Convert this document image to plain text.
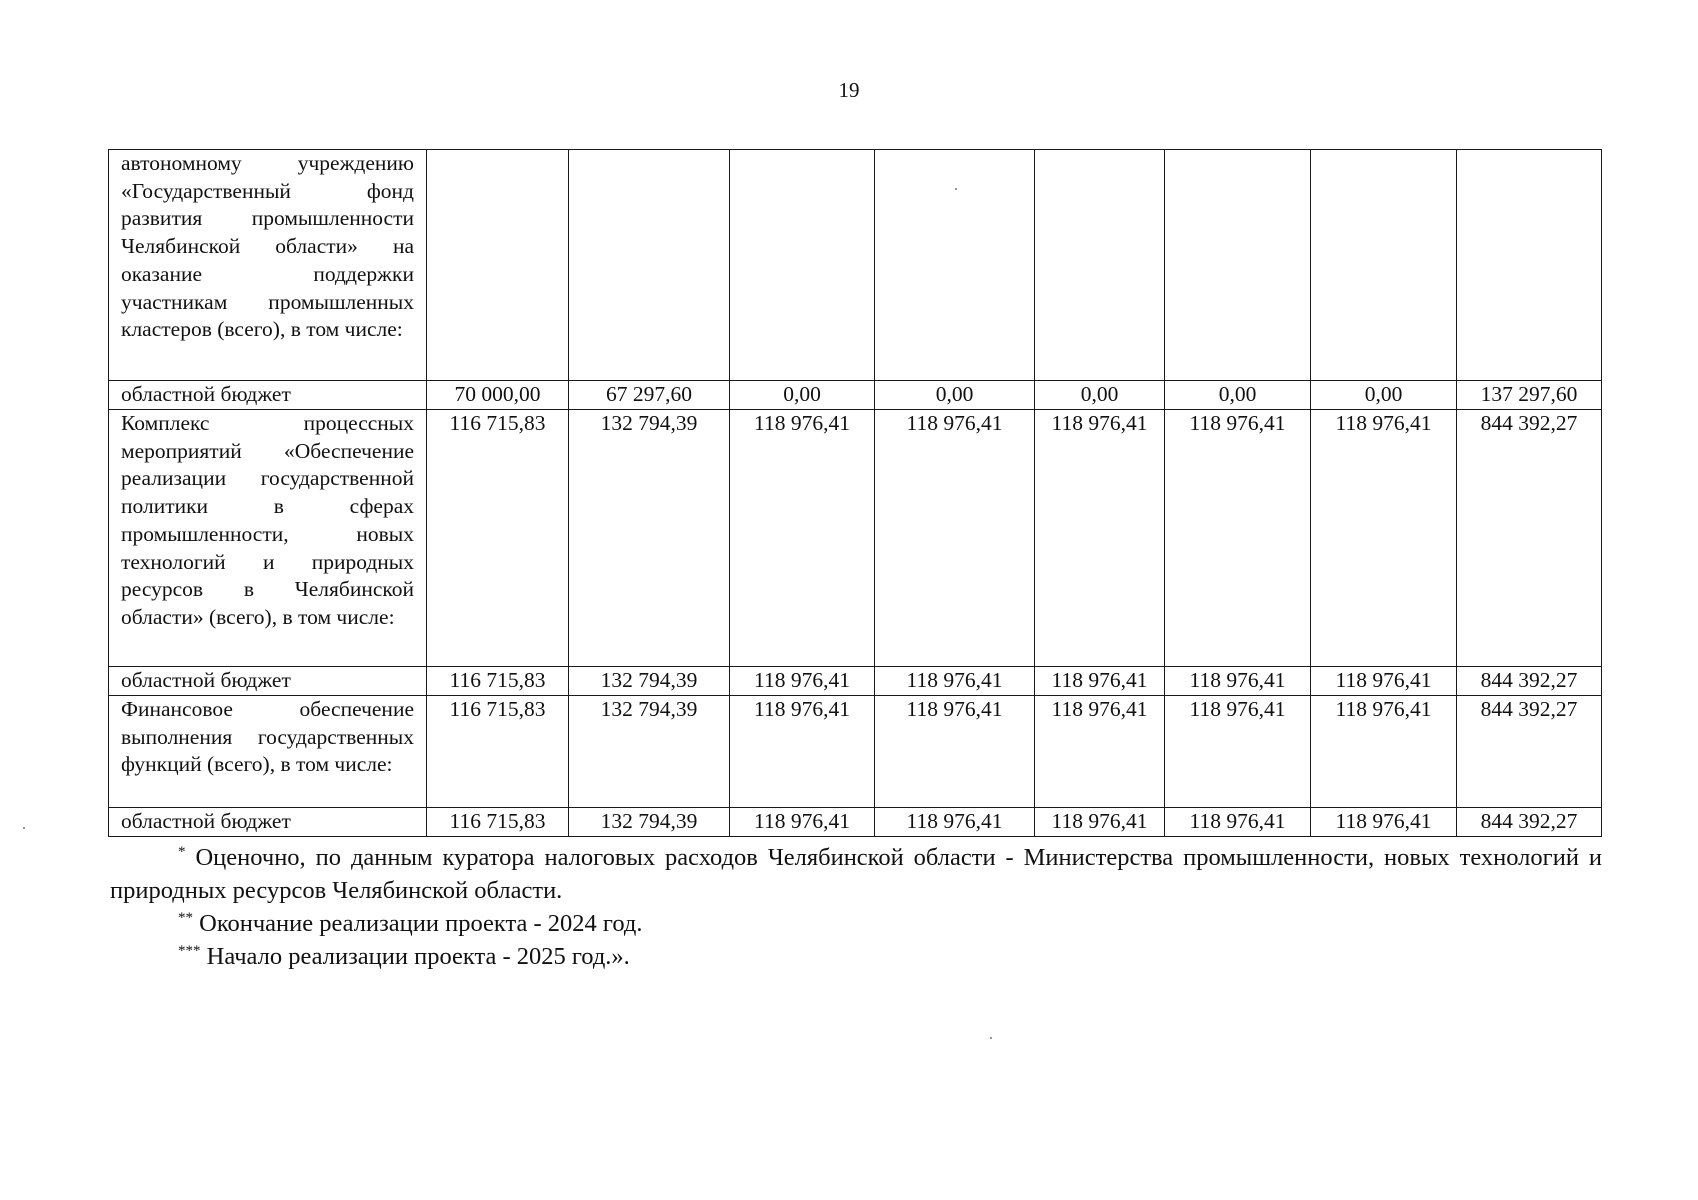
19
автономному учреждению «Государственный фонд развития промышленности Челябинской области» на оказание поддержки участникам промышленных кластеров (всего), в том числе:								
областной бюджет	70 000,00	67 297,60	0,00	0,00	0,00	0,00	0,00	137 297,60
Комплекс процессных мероприятий «Обеспечение реализации государственной политики в сферах промышленности, новых технологий и природных ресурсов в Челябинской области» (всего), в том числе:	116 715,83	132 794,39	118 976,41	118 976,41	118 976,41	118 976,41	118 976,41	844 392,27
областной бюджет	116 715,83	132 794,39	118 976,41	118 976,41	118 976,41	118 976,41	118 976,41	844 392,27
Финансовое обеспечение выполнения государственных функций (всего), в том числе:	116 715,83	132 794,39	118 976,41	118 976,41	118 976,41	118 976,41	118 976,41	844 392,27
областной бюджет	116 715,83	132 794,39	118 976,41	118 976,41	118 976,41	118 976,41	118 976,41	844 392,27

* Оценочно, по данным куратора налоговых расходов Челябинской области - Министерства промышленности, новых технологий и природных ресурсов Челябинской области.

** Окончание реализации проекта - 2024 год.

*** Начало реализации проекта - 2025 год.».
